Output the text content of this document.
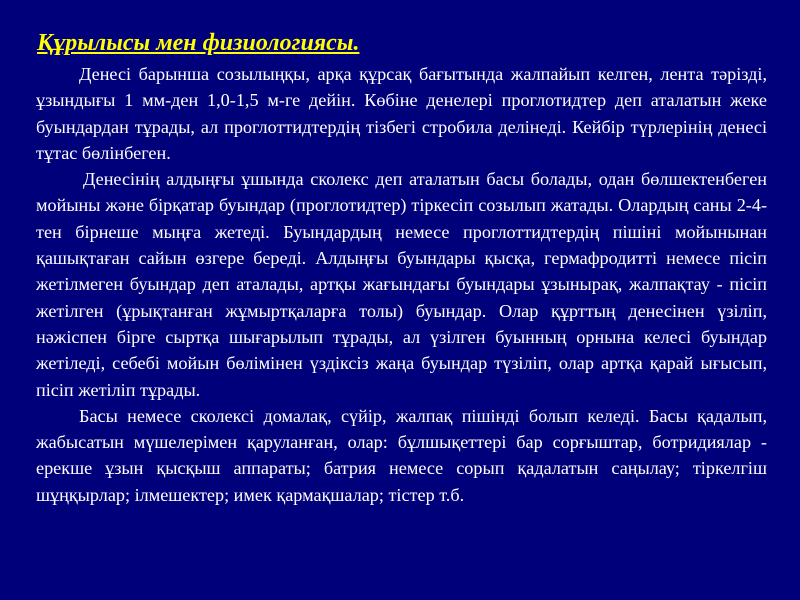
Құрылысы мен физиологиясы.

Денесі барынша созылыңқы, арқа құрсақ бағытында жалпайып келген, лента тәрізді, ұзындығы 1 мм-ден 1,0-1,5 м-ге дейін. Көбіне денелері проглотидтер деп аталатын жеке буындардан тұрады, ал проглоттидтердің тізбегі стробила делінеді. Кейбір түрлерінің денесі тұтас бөлінбеген.

Денесінің алдыңғы ұшында сколекс деп аталатын басы болады, одан бөлшектенбеген мойыны және бірқатар буындар (проглотидтер) тіркесіп созылып жатады. Олардың саны 2-4-тен бірнеше мыңға жетеді. Буындардың немесе проглоттидтердің пішіні мойынынан қашықтаған сайын өзгере береді. Алдыңғы буындары қысқа, гермафродитті немесе пісіп жетілмеген буындар деп аталады, артқы жағындағы буындары ұзынырақ, жалпақтау - пісіп жетілген (ұрықтанған жұмыртқаларға толы) буындар. Олар құрттың денесінен үзіліп, нәжіспен бірге сыртқа шығарылып тұрады, ал үзілген буынның орнына келесі буындар жетіледі, себебі мойын бөлімінен үздіксіз жаңа буындар түзіліп, олар артқа қарай ығысып, пісіп жетіліп тұрады.

Басы немесе сколексі домалақ, сүйір, жалпақ пішінді болып келеді. Басы қадалып, жабысатын мүшелерімен қаруланған, олар: бұлшықеттері бар сорғыштар, ботридиялар - ерекше ұзын қысқыш аппараты; батрия немесе сорып қадалатын саңылау; тіркелгіш шұңқырлар; ілмешектер; имек қармақшалар; тістер т.б.
